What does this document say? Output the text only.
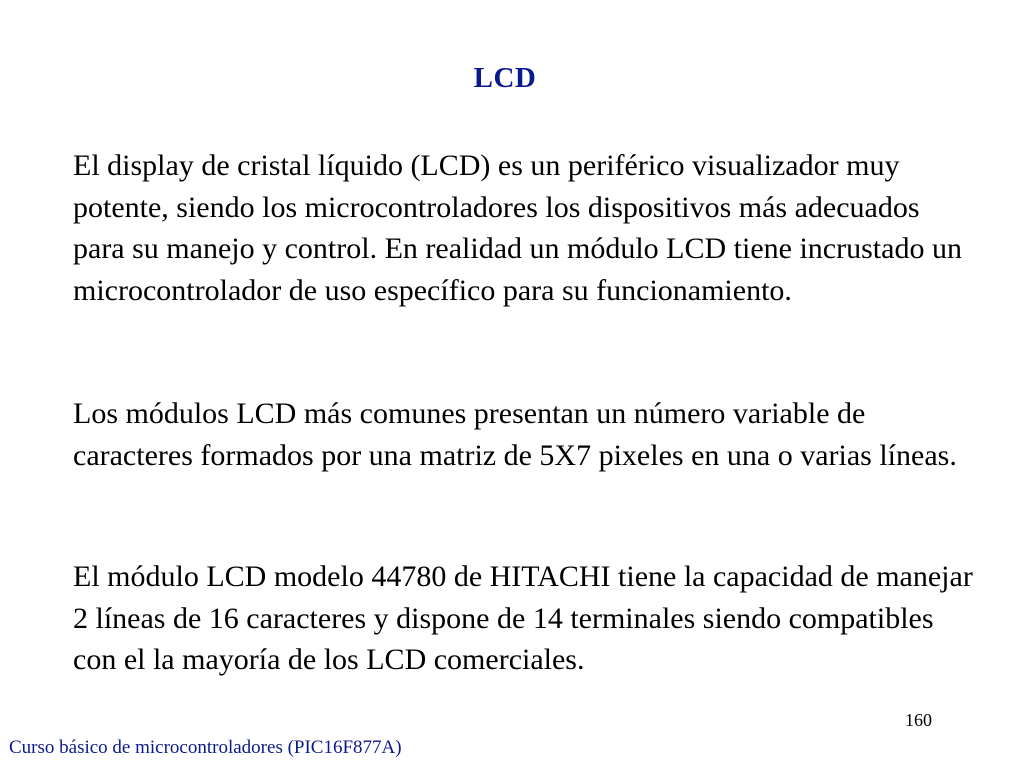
LCD

El display de cristal líquido (LCD) es un periférico visualizador muy potente, siendo los microcontroladores los dispositivos más adecuados para su manejo y control. En realidad un módulo LCD tiene incrustado un microcontrolador de uso específico para su funcionamiento.

Los módulos LCD más comunes presentan un número variable de caracteres formados por una matriz de 5X7 pixeles en una o varias líneas.

El módulo LCD modelo 44780 de HITACHI tiene la capacidad de manejar 2 líneas de 16 caracteres y dispone de 14 terminales siendo compatibles con el la mayoría de los LCD comerciales.

160
Curso básico de microcontroladores (PIC16F877A)
